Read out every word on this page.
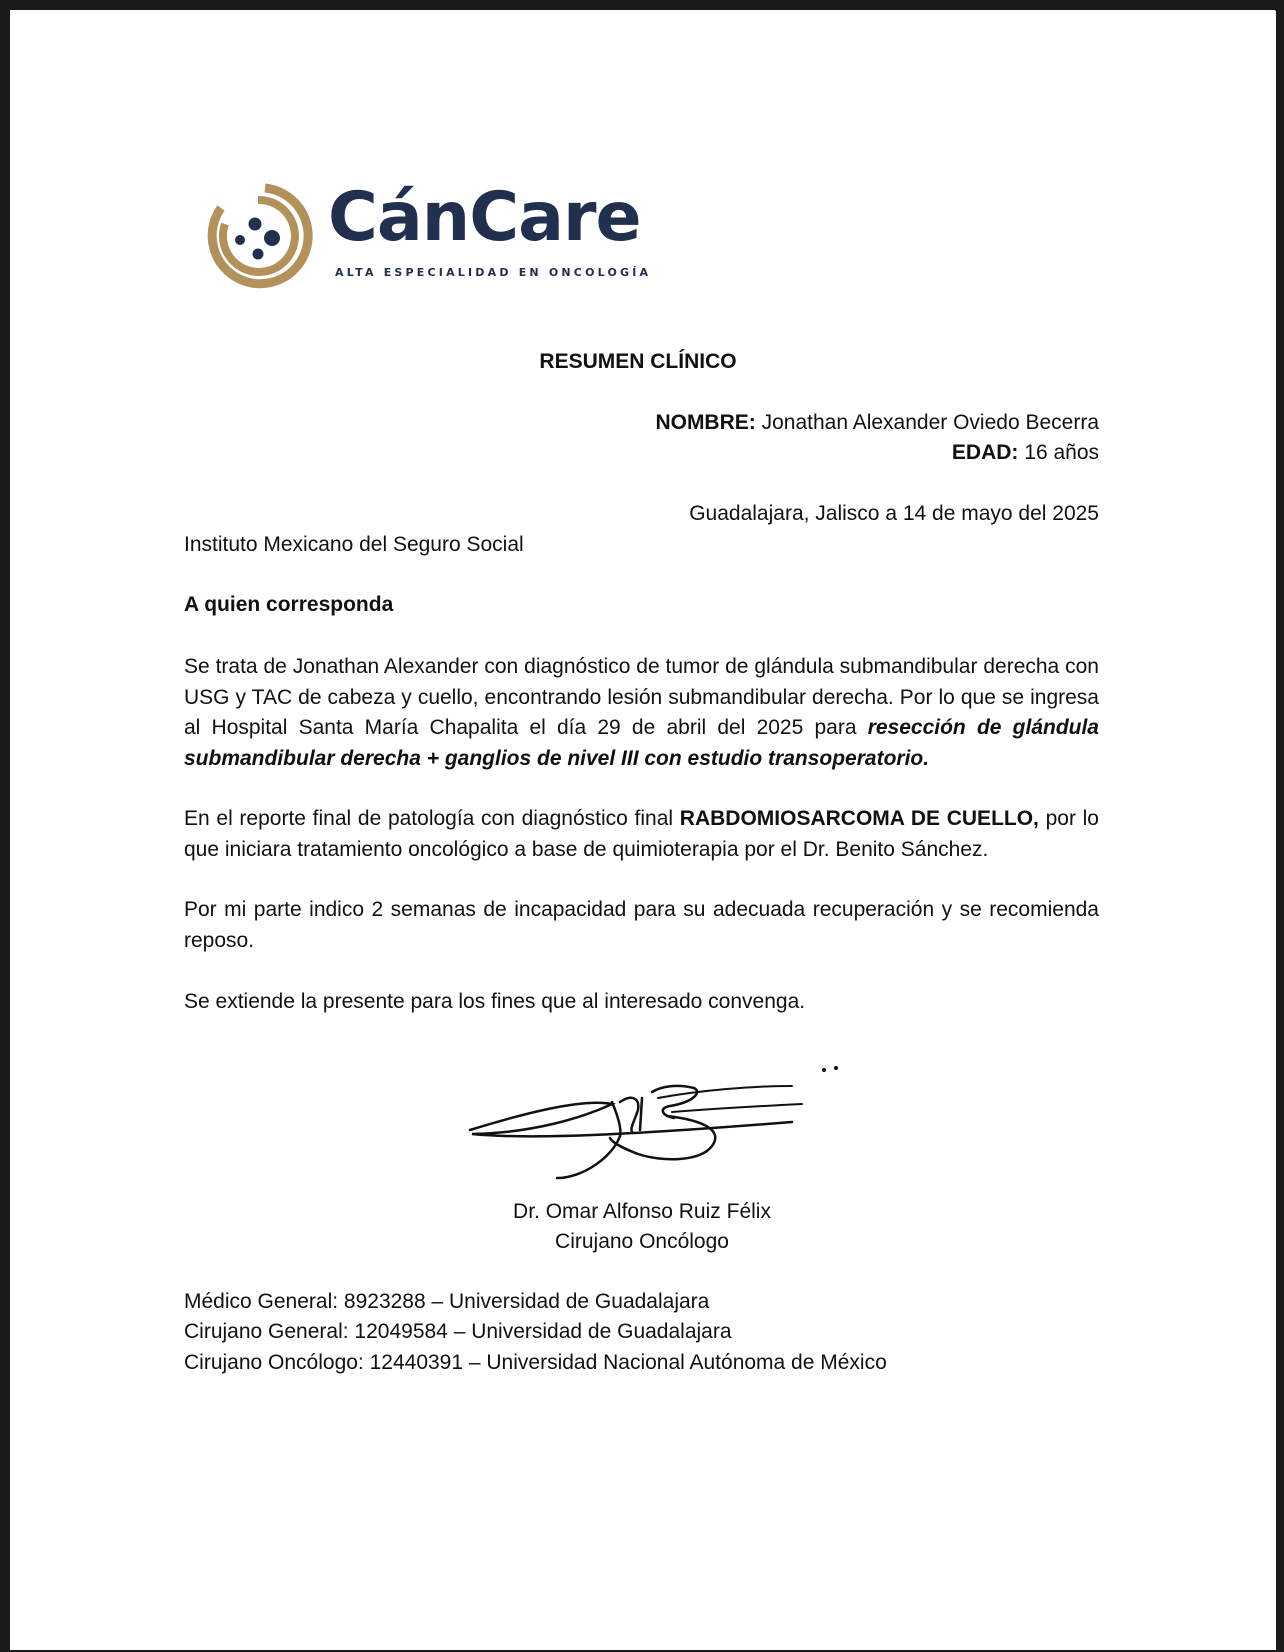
CánCare
ALTA ESPECIALIDAD EN ONCOLOGÍA
RESUMEN CLÍNICO
NOMBRE: Jonathan Alexander Oviedo Becerra
EDAD: 16 años
Guadalajara, Jalisco a 14 de mayo del 2025
Instituto Mexicano del Seguro Social
A quien corresponda
Se trata de Jonathan Alexander con diagnóstico de tumor de glándula submandibular derecha con USG y TAC de cabeza y cuello, encontrando lesión submandibular derecha. Por lo que se ingresa al Hospital Santa María Chapalita el día 29 de abril del 2025 para resección de glándula submandibular derecha + ganglios de nivel III con estudio transoperatorio.
En el reporte final de patología con diagnóstico final RABDOMIOSARCOMA DE CUELLO, por lo que iniciara tratamiento oncológico a base de quimioterapia por el Dr. Benito Sánchez.
Por mi parte indico 2 semanas de incapacidad para su adecuada recuperación y se recomienda reposo.
Se extiende la presente para los fines que al interesado convenga.
Dr. Omar Alfonso Ruiz Félix
Cirujano Oncólogo
Médico General: 8923288 – Universidad de Guadalajara
Cirujano General: 12049584 – Universidad de Guadalajara
Cirujano Oncólogo: 12440391 – Universidad Nacional Autónoma de México
